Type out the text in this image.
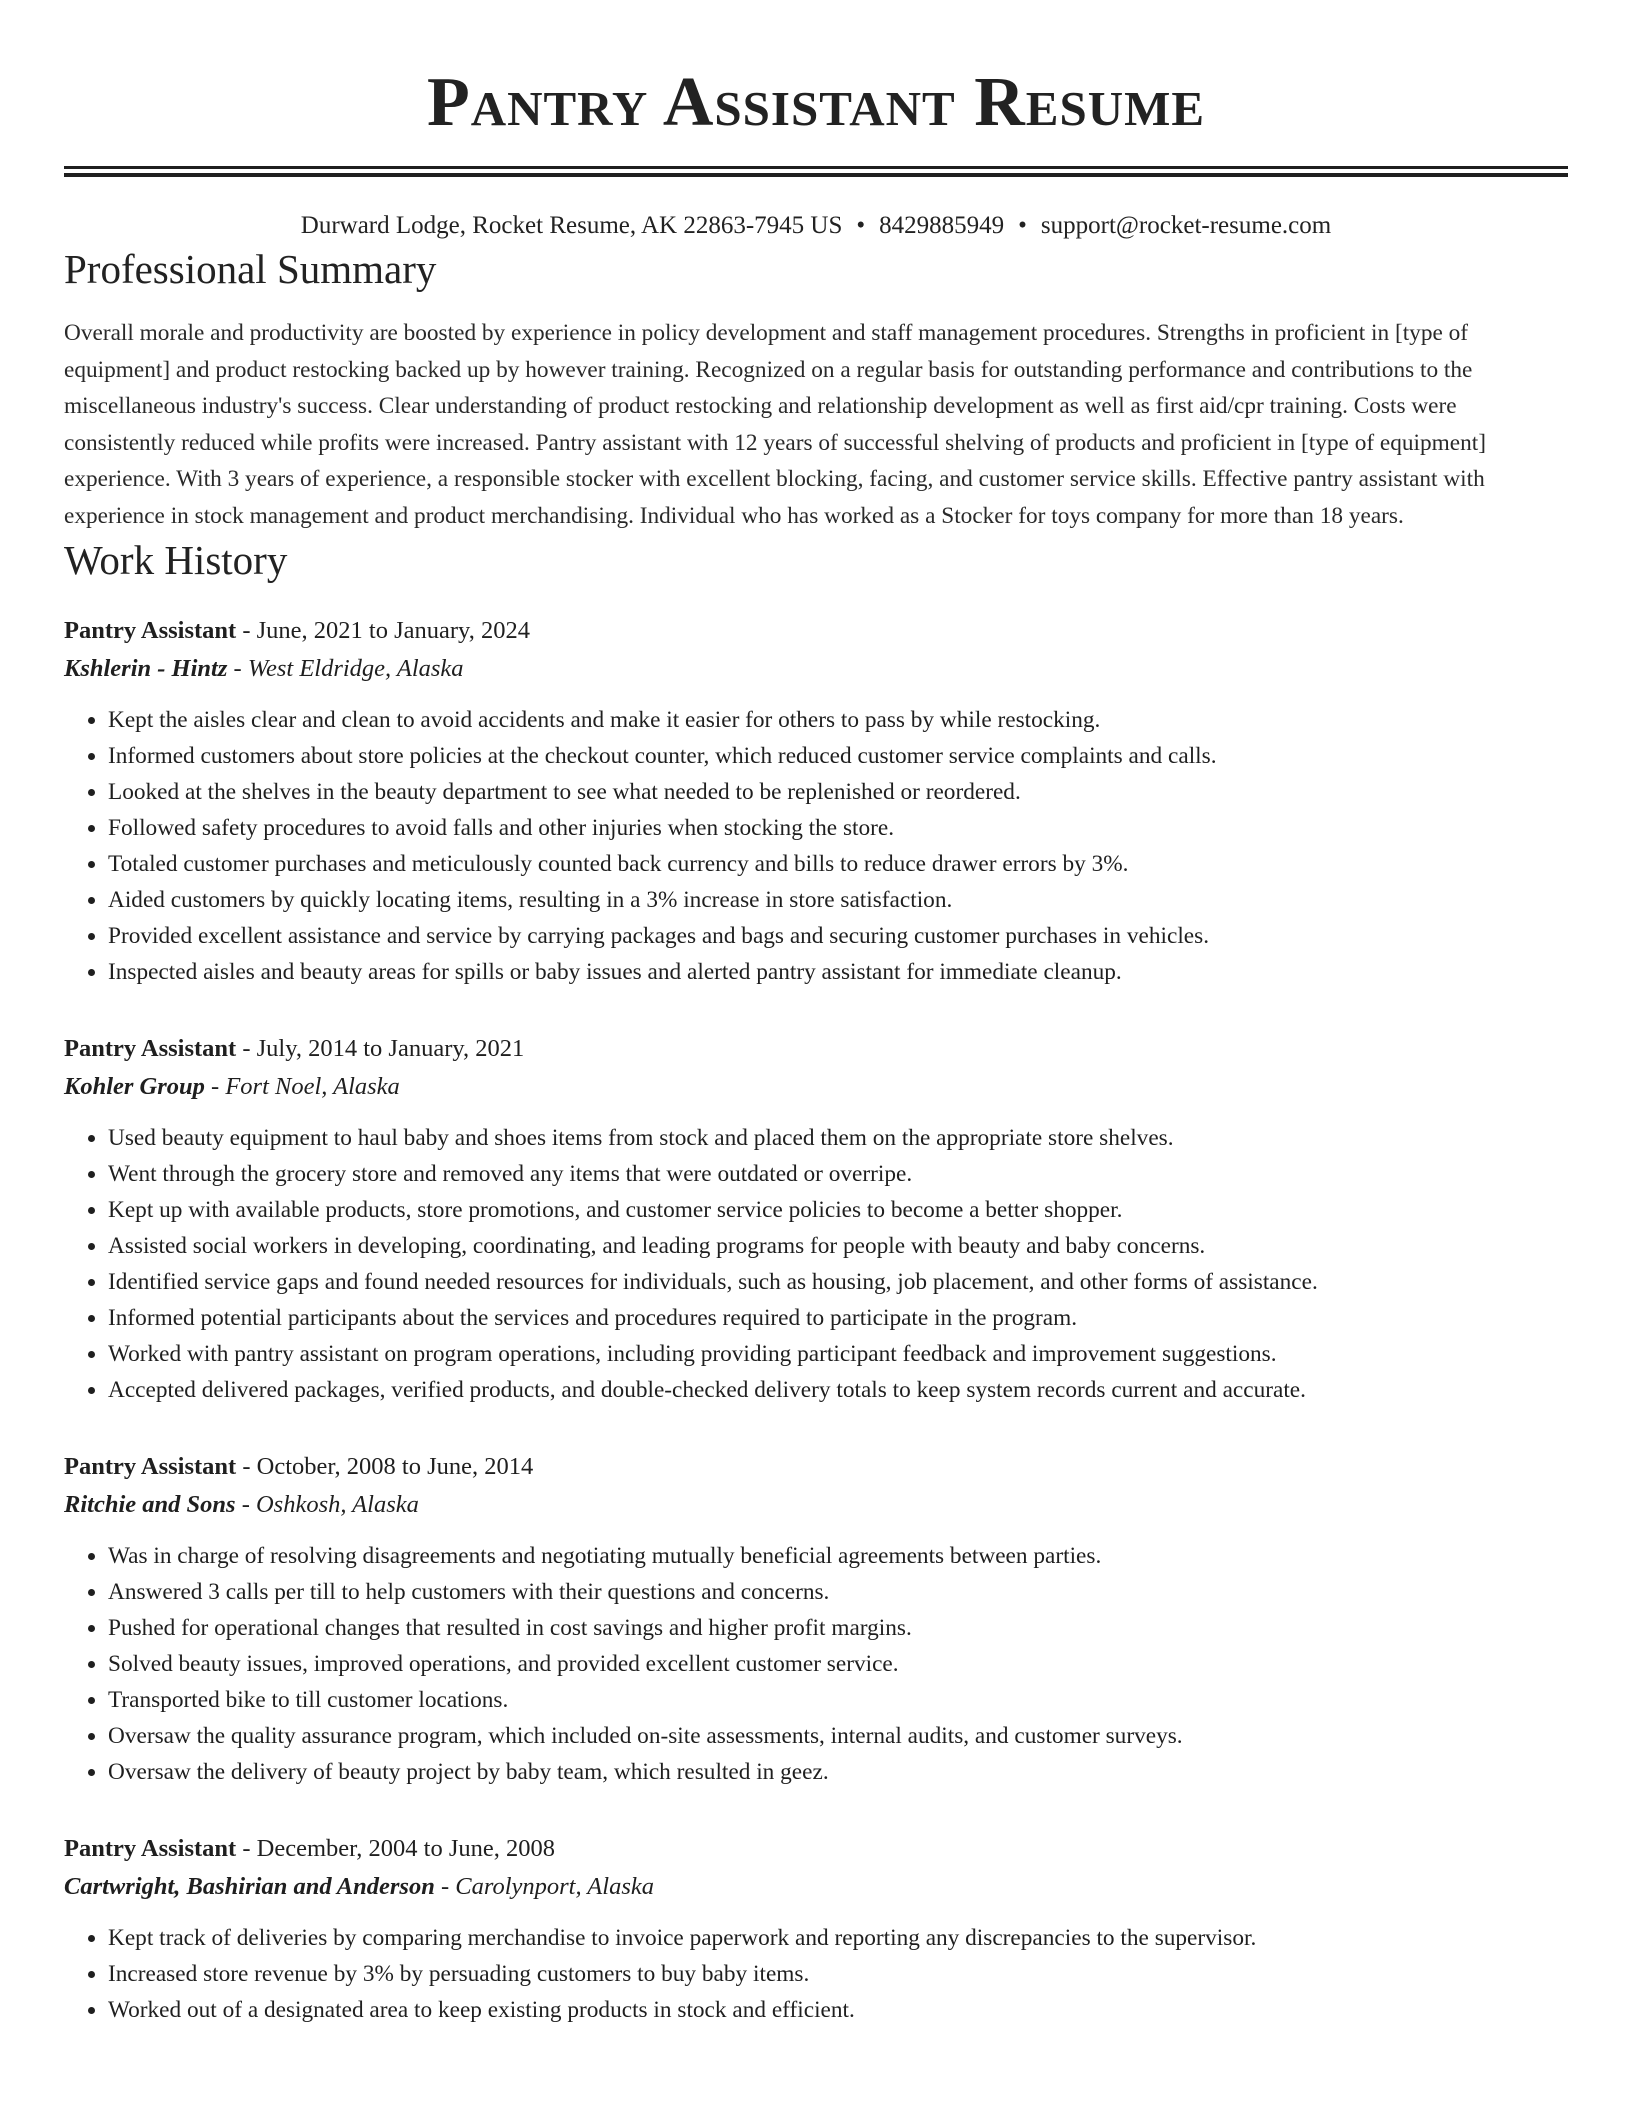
Pantry Assistant Resume
Durward Lodge, Rocket Resume, AK 22863-7945 US • 8429885949 • support@rocket-resume.com
Professional Summary
Overall morale and productivity are boosted by experience in policy development and staff management procedures. Strengths in proficient in [type of equipment] and product restocking backed up by however training. Recognized on a regular basis for outstanding performance and contributions to the miscellaneous industry's success. Clear understanding of product restocking and relationship development as well as first aid/cpr training. Costs were consistently reduced while profits were increased. Pantry assistant with 12 years of successful shelving of products and proficient in [type of equipment] experience. With 3 years of experience, a responsible stocker with excellent blocking, facing, and customer service skills. Effective pantry assistant with experience in stock management and product merchandising. Individual who has worked as a Stocker for toys company for more than 18 years.
Work History
Pantry Assistant - June, 2021 to January, 2024
Kshlerin - Hintz - West Eldridge, Alaska
• Kept the aisles clear and clean to avoid accidents and make it easier for others to pass by while restocking.
• Informed customers about store policies at the checkout counter, which reduced customer service complaints and calls.
• Looked at the shelves in the beauty department to see what needed to be replenished or reordered.
• Followed safety procedures to avoid falls and other injuries when stocking the store.
• Totaled customer purchases and meticulously counted back currency and bills to reduce drawer errors by 3%.
• Aided customers by quickly locating items, resulting in a 3% increase in store satisfaction.
• Provided excellent assistance and service by carrying packages and bags and securing customer purchases in vehicles.
• Inspected aisles and beauty areas for spills or baby issues and alerted pantry assistant for immediate cleanup.
Pantry Assistant - July, 2014 to January, 2021
Kohler Group - Fort Noel, Alaska
• Used beauty equipment to haul baby and shoes items from stock and placed them on the appropriate store shelves.
• Went through the grocery store and removed any items that were outdated or overripe.
• Kept up with available products, store promotions, and customer service policies to become a better shopper.
• Assisted social workers in developing, coordinating, and leading programs for people with beauty and baby concerns.
• Identified service gaps and found needed resources for individuals, such as housing, job placement, and other forms of assistance.
• Informed potential participants about the services and procedures required to participate in the program.
• Worked with pantry assistant on program operations, including providing participant feedback and improvement suggestions.
• Accepted delivered packages, verified products, and double-checked delivery totals to keep system records current and accurate.
Pantry Assistant - October, 2008 to June, 2014
Ritchie and Sons - Oshkosh, Alaska
• Was in charge of resolving disagreements and negotiating mutually beneficial agreements between parties.
• Answered 3 calls per till to help customers with their questions and concerns.
• Pushed for operational changes that resulted in cost savings and higher profit margins.
• Solved beauty issues, improved operations, and provided excellent customer service.
• Transported bike to till customer locations.
• Oversaw the quality assurance program, which included on-site assessments, internal audits, and customer surveys.
• Oversaw the delivery of beauty project by baby team, which resulted in geez.
Pantry Assistant - December, 2004 to June, 2008
Cartwright, Bashirian and Anderson - Carolynport, Alaska
• Kept track of deliveries by comparing merchandise to invoice paperwork and reporting any discrepancies to the supervisor.
• Increased store revenue by 3% by persuading customers to buy baby items.
• Worked out of a designated area to keep existing products in stock and efficient.
